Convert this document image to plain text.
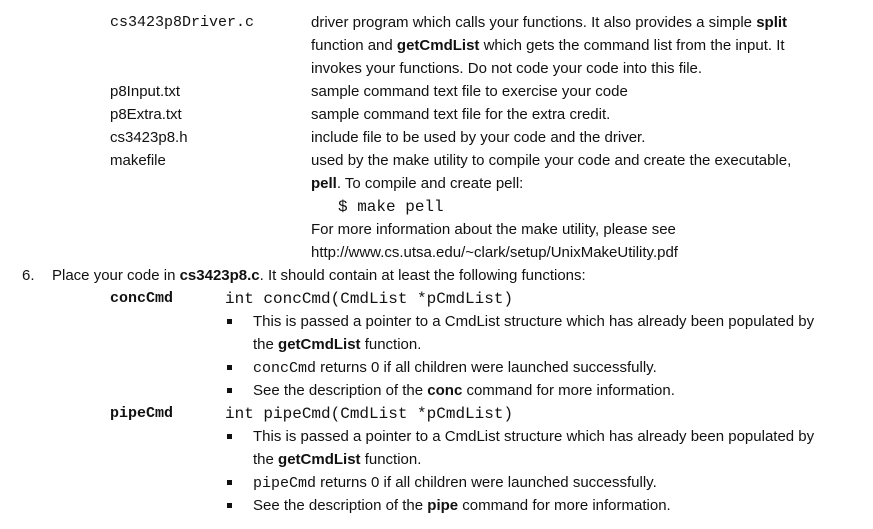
cs3423p8Driver.c	driver program which calls your functions. It also provides a simple split
function and getCmdList which gets the command list from the input. It
invokes your functions. Do not code your code into this file.
p8Input.txt	sample command text file to exercise your code
p8Extra.txt	sample command text file for the extra credit.
cs3423p8.h	include file to be used by your code and the driver.
makefile	used by the make utility to compile your code and create the executable,
pell. To compile and create pell:
$ make pell
For more information about the make utility, please see
http://www.cs.utsa.edu/~clark/setup/UnixMakeUtility.pdf
6. Place your code in cs3423p8.c. It should contain at least the following functions:
concCmd	int concCmd(CmdList *pCmdList)
This is passed a pointer to a CmdList structure which has already been populated by
the getCmdList function.
concCmd returns 0 if all children were launched successfully.
See the description of the conc command for more information.
pipeCmd	int pipeCmd(CmdList *pCmdList)
This is passed a pointer to a CmdList structure which has already been populated by
the getCmdList function.
pipeCmd returns 0 if all children were launched successfully.
See the description of the pipe command for more information.
